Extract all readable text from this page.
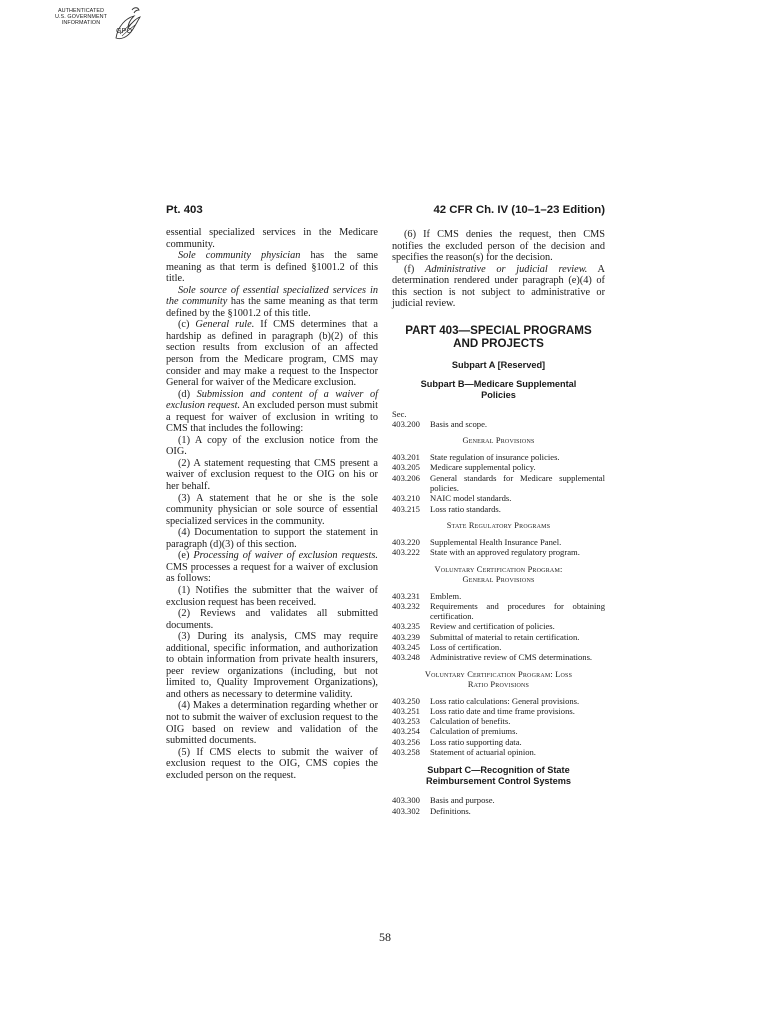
AUTHENTICATED
U.S. GOVERNMENT
INFORMATION
GPO
Pt. 403	42 CFR Ch. IV (10–1–23 Edition)

essential specialized services in the Medicare community.

Sole community physician has the same meaning as that term is defined §1001.2 of this title.

Sole source of essential specialized services in the community has the same meaning as that term defined by the §1001.2 of this title.

(c) General rule. If CMS determines that a hardship as defined in paragraph (b)(2) of this section results from exclusion of an affected person from the Medicare program, CMS may consider and may make a request to the Inspector General for waiver of the Medicare exclusion.

(d) Submission and content of a waiver of exclusion request. An excluded person must submit a request for waiver of exclusion in writing to CMS that includes the following:

(1) A copy of the exclusion notice from the OIG.

(2) A statement requesting that CMS present a waiver of exclusion request to the OIG on his or her behalf.

(3) A statement that he or she is the sole community physician or sole source of essential specialized services in the community.

(4) Documentation to support the statement in paragraph (d)(3) of this section.

(e) Processing of waiver of exclusion requests. CMS processes a request for a waiver of exclusion as follows:

(1) Notifies the submitter that the waiver of exclusion request has been received.

(2) Reviews and validates all submitted documents.

(3) During its analysis, CMS may require additional, specific information, and authorization to obtain information from private health insurers, peer review organizations (including, but not limited to, Quality Improvement Organizations), and others as necessary to determine validity.

(4) Makes a determination regarding whether or not to submit the waiver of exclusion request to the OIG based on review and validation of the submitted documents.

(5) If CMS elects to submit the waiver of exclusion request to the OIG, CMS copies the excluded person on the request.

(6) If CMS denies the request, then CMS notifies the excluded person of the decision and specifies the reason(s) for the decision.

(f) Administrative or judicial review. A determination rendered under paragraph (e)(4) of this section is not subject to administrative or judicial review.

PART 403—SPECIAL PROGRAMS
AND PROJECTS
Subpart A [Reserved]
Subpart B—Medicare Supplemental
Policies
Sec.
403.200	Basis and scope.
General Provisions
403.201	State regulation of insurance policies.
403.205	Medicare supplemental policy.
403.206	General standards for Medicare supplemental policies.
403.210	NAIC model standards.
403.215	Loss ratio standards.
State Regulatory Programs
403.220	Supplemental Health Insurance Panel.
403.222	State with an approved regulatory program.
Voluntary Certification Program:
General Provisions
403.231	Emblem.
403.232	Requirements and procedures for obtaining certification.
403.235	Review and certification of policies.
403.239	Submittal of material to retain certification.
403.245	Loss of certification.
403.248	Administrative review of CMS determinations.
Voluntary Certification Program: Loss
Ratio Provisions
403.250	Loss ratio calculations: General provisions.
403.251	Loss ratio date and time frame provisions.
403.253	Calculation of benefits.
403.254	Calculation of premiums.
403.256	Loss ratio supporting data.
403.258	Statement of actuarial opinion.
Subpart C—Recognition of State
Reimbursement Control Systems
403.300	Basis and purpose.
403.302	Definitions.
58
